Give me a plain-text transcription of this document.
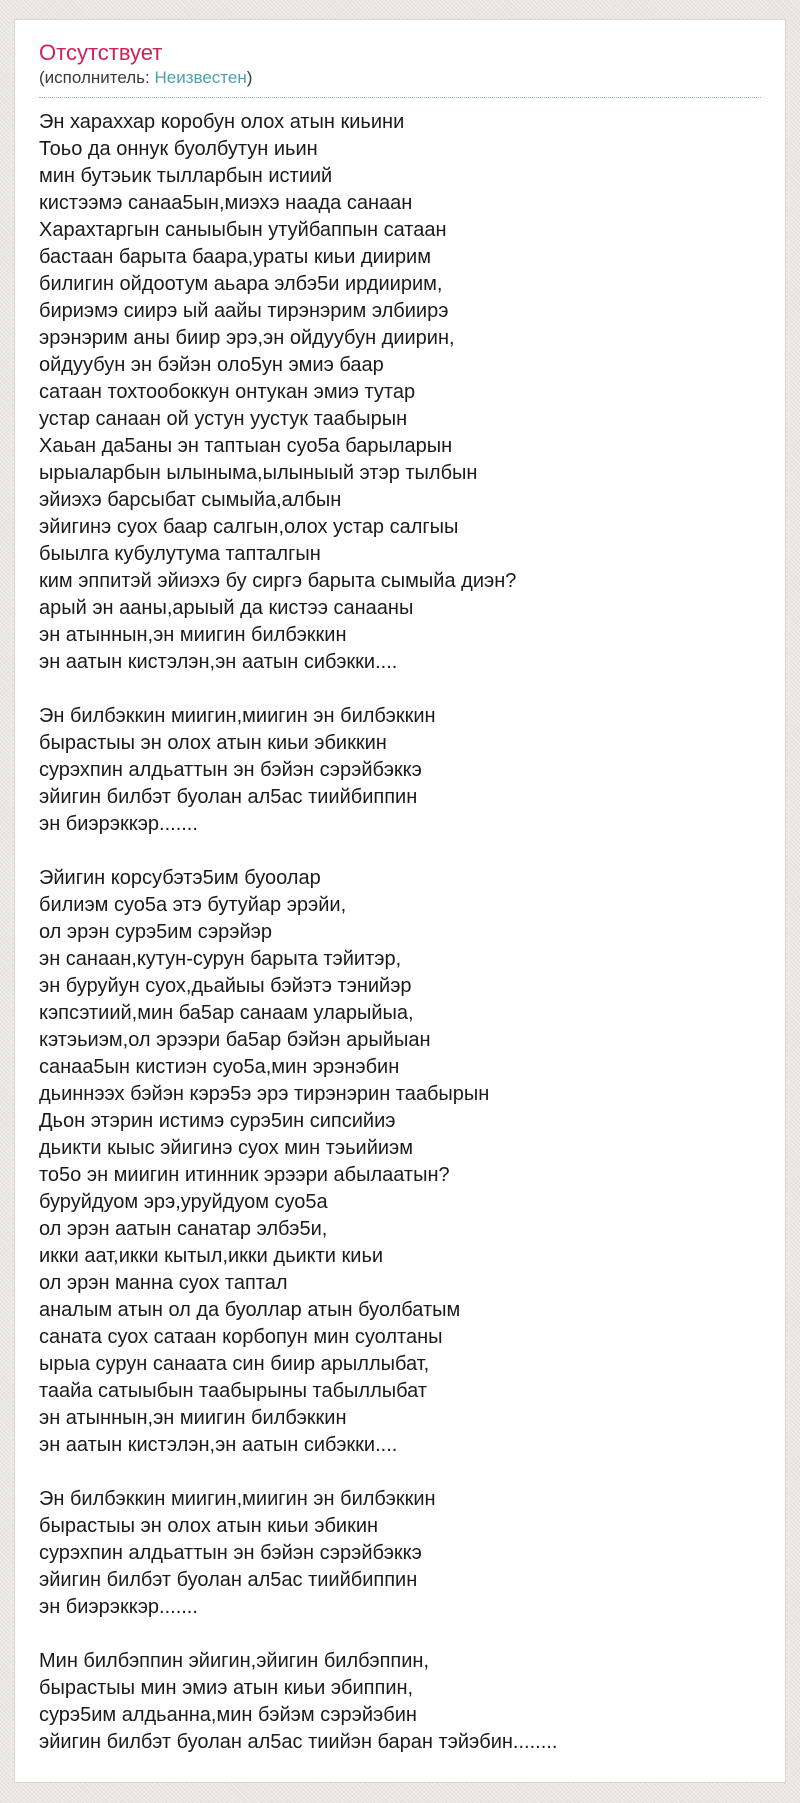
Отсутствует
(исполнитель: Неизвестен)
Эн хараххар коробун олох атын киьини
Тоьо да оннук буолбутун иьин
мин бутэьик тылларбын истиий
кистээмэ санаа5ын,миэхэ наада санаан
Харахтаргын саныыбын утуйбаппын сатаан
бастаан барыта баара,ураты киьи диирим
билигин ойдоотум аьара элбэ5и ирдиирим,
бириэмэ сиирэ ый аайы тирэнэрим элбиирэ
эрэнэрим аны биир эрэ,эн ойдуубун диирин,
ойдуубун эн бэйэн оло5ун эмиэ баар
сатаан тохтообоккун онтукан эмиэ тутар
устар санаан ой устун уустук таабырын
Хаьан да5аны эн таптыан суо5а барыларын
ырыаларбын ылыныма,ылыныый этэр тылбын
эйиэхэ барсыбат сымыйа,албын
эйигинэ суох баар салгын,олох устар салгыы
быылга кубулутума тапталгын
ким эппитэй эйиэхэ бу сиргэ барыта сымыйа диэн?
арый эн ааны,арыый да кистээ санааны
эн атыннын,эн миигин билбэккин
эн аатын кистэлэн,эн аатын сибэкки....
Эн билбэккин миигин,миигин эн билбэккин
бырастыы эн олох атын киьи эбиккин
сурэхпин алдьаттын эн бэйэн сэрэйбэккэ
эйигин билбэт буолан ал5ас тиийбиппин
эн биэрэккэр.......
Эйигин корсубэтэ5им буоолар
билиэм суо5а этэ бутуйар эрэйи,
ол эрэн сурэ5им сэрэйэр
эн санаан,кутун-сурун барыта тэйитэр,
эн буруйун суох,дьайыы бэйэтэ тэнийэр
кэпсэтиий,мин ба5ар санаам уларыйыа,
кэтэьиэм,ол эрээри ба5ар бэйэн арыйыан
санаа5ын кистиэн суо5а,мин эрэнэбин
дьиннээх бэйэн кэрэ5э эрэ тирэнэрин таабырын
Дьон этэрин истимэ сурэ5ин сипсийиэ
дьикти кыыс эйигинэ суох мин тэьийиэм
то5о эн миигин итинник эрээри абылаатын?
буруйдуом эрэ,уруйдуом суо5а
ол эрэн аатын санатар элбэ5и,
икки аат,икки кытыл,икки дьикти киьи
ол эрэн манна суох таптал
аналым атын ол да буоллар атын буолбатым
саната суох сатаан корбопун мин суолтаны
ырыа сурун санаата син биир арыллыбат,
таайа сатыыбын таабырыны табыллыбат
эн атыннын,эн миигин билбэккин
эн аатын кистэлэн,эн аатын сибэкки....
Эн билбэккин миигин,миигин эн билбэккин
бырастыы эн олох атын киьи эбикин
сурэхпин алдьаттын эн бэйэн сэрэйбэккэ
эйигин билбэт буолан ал5ас тиийбиппин
эн биэрэккэр.......
Мин билбэппин эйигин,эйигин билбэппин,
бырастыы мин эмиэ атын киьи эбиппин,
сурэ5им алдьанна,мин бэйэм сэрэйэбин
эйигин билбэт буолан ал5ас тиийэн баран тэйэбин........
